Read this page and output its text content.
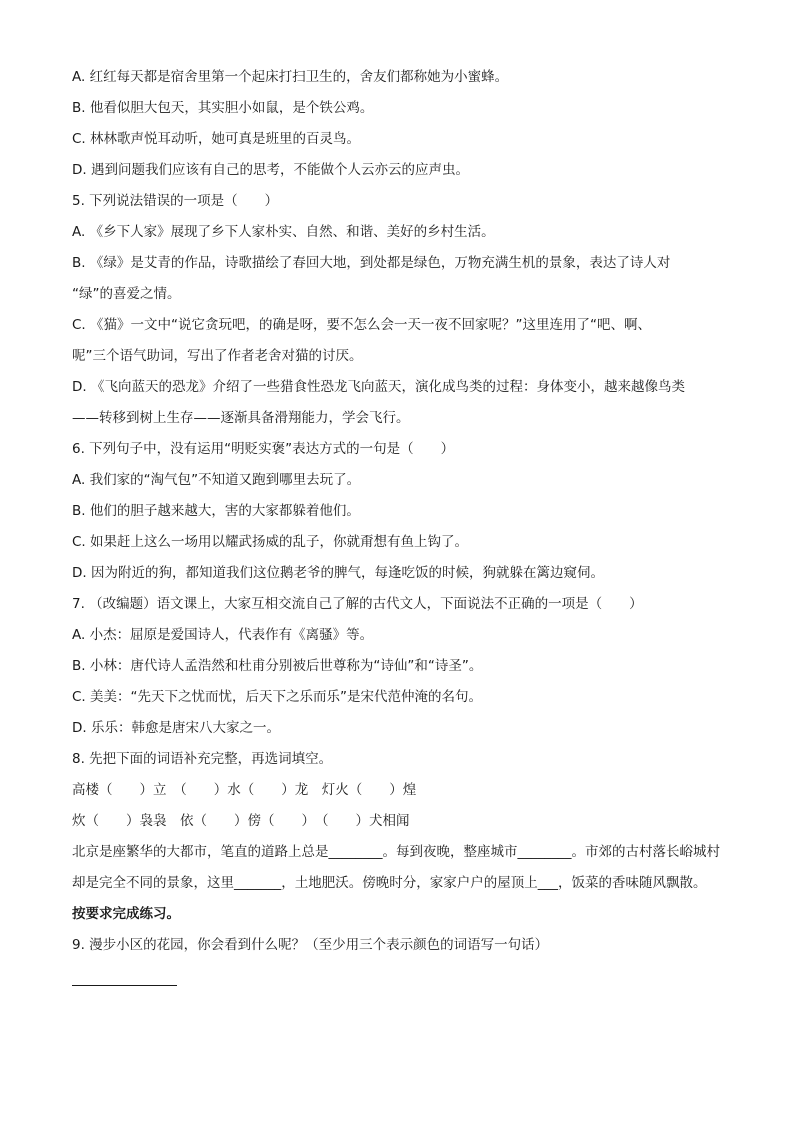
A. 红红每天都是宿舍里第一个起床打扫卫生的，舍友们都称她为小蜜蜂。
B. 他看似胆大包天，其实胆小如鼠，是个铁公鸡。
C. 林林歌声悦耳动听，她可真是班里的百灵鸟。
D. 遇到问题我们应该有自己的思考，不能做个人云亦云的应声虫。
5. 下列说法错误的一项是（　　）
A. 《乡下人家》展现了乡下人家朴实、自然、和谐、美好的乡村生活。
B. 《绿》是艾青的作品，诗歌描绘了春回大地，到处都是绿色，万物充满生机的景象，表达了诗人对
“绿”的喜爱之情。
C. 《猫》一文中“说它贪玩吧，的确是呀，要不怎么会一天一夜不回家呢？”这里连用了“吧、啊、
呢”三个语气助词，写出了作者老舍对猫的讨厌。
D. 《飞向蓝天的恐龙》介绍了一些猎食性恐龙飞向蓝天，演化成鸟类的过程：身体变小，越来越像鸟类
——转移到树上生存——逐渐具备滑翔能力，学会飞行。
6. 下列句子中，没有运用“明贬实褒”表达方式的一句是（　　）
A. 我们家的“淘气包”不知道又跑到哪里去玩了。
B. 他们的胆子越来越大，害的大家都躲着他们。
C. 如果赶上这么一场用以耀武扬威的乱子，你就甭想有鱼上钩了。
D. 因为附近的狗，都知道我们这位鹅老爷的脾气，每逢吃饭的时候，狗就躲在篱边窥伺。
7. （改编题）语文课上，大家互相交流自己了解的古代文人，下面说法不正确的一项是（　　）
A. 小杰：屈原是爱国诗人，代表作有《离骚》等。
B. 小林：唐代诗人孟浩然和杜甫分别被后世尊称为“诗仙”和“诗圣”。
C. 美美：“先天下之忧而忧，后天下之乐而乐”是宋代范仲淹的名句。
D. 乐乐：韩愈是唐宋八大家之一。
8. 先把下面的词语补充完整，再选词填空。
高楼（　　）立　（　　）水（　　）龙　灯火（　　）煌
炊（　　）袅袅　依（　　）傍（　　）　（　　）犬相闻
北京是座繁华的大都市，笔直的道路上总是________。每到夜晚，整座城市________。市郊的古村落长峪城村却是完全不同的景象，这里_______，土地肥沃。傍晚时分，家家户户的屋顶上___，饭菜的香味随风飘散。
按要求完成练习。
9. 漫步小区的花园，你会看到什么呢？（至少用三个表示颜色的词语写一句话）
